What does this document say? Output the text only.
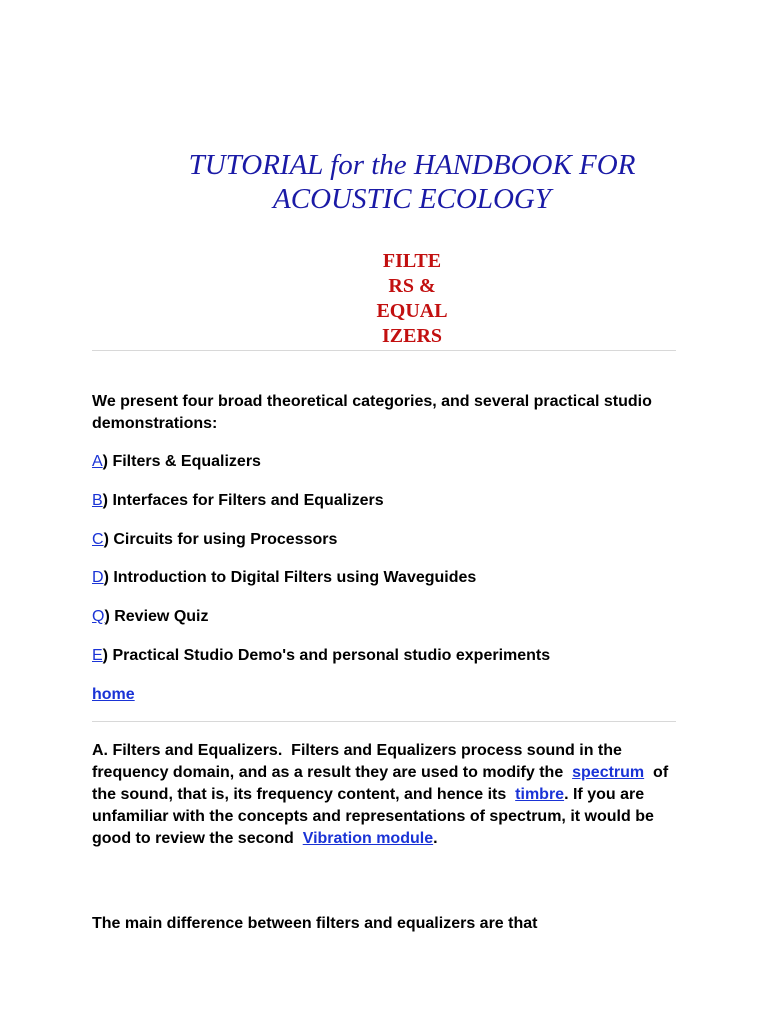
TUTORIAL for the HANDBOOK FOR
ACOUSTIC ECOLOGY
FILTE
RS &
EQUAL
IZERS

We present four broad theoretical categories, and several practical studio demonstrations:

A) Filters & Equalizers

B) Interfaces for Filters and Equalizers

C) Circuits for using Processors

D) Introduction to Digital Filters using Waveguides

Q) Review Quiz

E) Practical Studio Demo's and personal studio experiments

home

A. Filters and Equalizers.  Filters and Equalizers process sound in the  frequency domain, and as a result they are used to modify the  spectrum  of the sound, that is, its frequency content, and hence its  timbre. If you are unfamiliar with the concepts and representations of spectrum, it would be good to review the second  Vibration module.

The main difference between filters and equalizers are that
